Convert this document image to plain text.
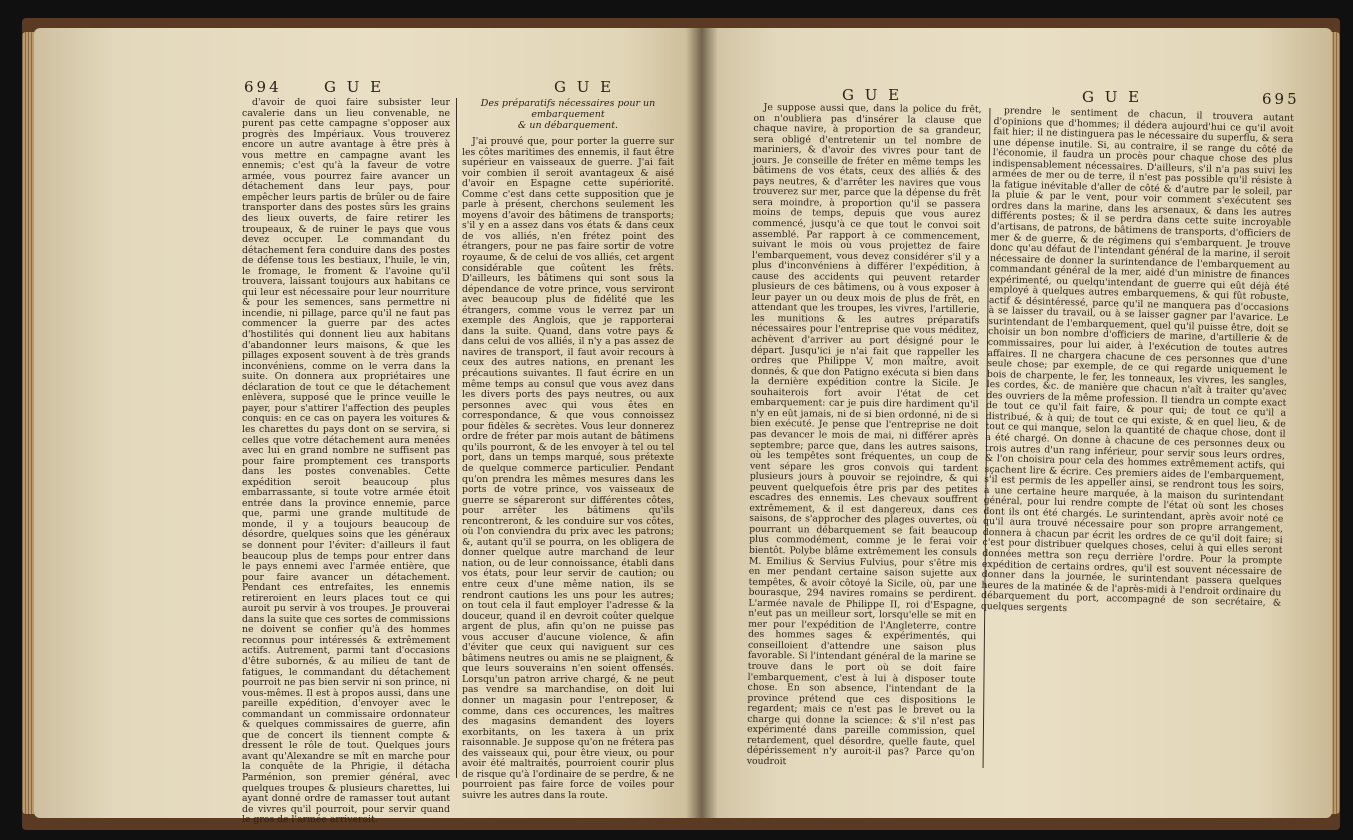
694	G U E	G U E

d'avoir de quoi faire subsister leur cavalerie dans un lieu convenable, ne purent pas cette campagne s'opposer aux progrès des Impériaux. Vous trouverez encore un autre avantage à être près à vous mettre en campagne avant les ennemis; c'est qu'à la faveur de votre armée, vous pourrez faire avancer un détachement dans leur pays, pour empêcher leurs partis de brûler ou de faire transporter dans des postes sûrs les grains des lieux ouverts, de faire retirer les troupeaux, & de ruiner le pays que vous devez occuper. Le commandant du détachement fera conduire dans des postes de défense tous les bestiaux, l'huile, le vin, le fromage, le froment & l'avoine qu'il trouvera, laissant toujours aux habitans ce qui leur est nécessaire pour leur nourriture & pour les semences, sans permettre ni incendie, ni pillage, parce qu'il ne faut pas commencer la guerre par des actes d'hostilités qui donnent lieu aux habitans d'abandonner leurs maisons, & que les pillages exposent souvent à de très grands inconvéniens, comme on le verra dans la suite. On donnera aux propriétaires une déclaration de tout ce que le détachement enlèvera, supposé que le prince veuille le payer, pour s'attirer l'affection des peuples conquis: en ce cas on payera les voitures & les charettes du pays dont on se servira, si celles que votre détachement aura menées avec lui en grand nombre ne suffisent pas pour faire promptement ces transports dans les postes convenables. Cette expédition seroit beaucoup plus embarrassante, si toute votre armée étoit entrée dans la province ennemie, parce que, parmi une grande multitude de monde, il y a toujours beaucoup de désordre, quelques soins que les généraux se donnent pour l'éviter: d'ailleurs il faut beaucoup plus de temps pour entrer dans le pays ennemi avec l'armée entière, que pour faire avancer un détachement. Pendant ces entrefaites, les ennemis retireroient en leurs places tout ce qui auroit pu servir à vos troupes. Je prouverai dans la suite que ces sortes de commissions ne doivent se confier qu'à des hommes reconnus pour intéressés & extrêmement actifs. Autrement, parmi tant d'occasions d'être subornés, & au milieu de tant de fatigues, le commandant du détachement pourroit ne pas bien servir ni son prince, ni vous-mêmes. Il est à propos aussi, dans une pareille expédition, d'envoyer avec le commandant un commissaire ordonnateur & quelques commissaires de guerre, afin que de concert ils tiennent compte & dressent le rôle de tout. Quelques jours avant qu'Alexandre se mît en marche pour la conquête de la Phrigie, il détacha Parménion, son premier général, avec quelques troupes & plusieurs charettes, lui ayant donné ordre de ramasser tout autant de vivres qu'il pourroit, pour servir quand le gros de l'armée arriveroit.

Des préparatifs nécessaires pour un embarquement
& un débarquement.

J'ai prouvé que, pour porter la guerre sur les côtes maritimes des ennemis, il faut être supérieur en vaisseaux de guerre. J'ai fait voir combien il seroit avantageux & aisé d'avoir en Espagne cette supériorité. Comme c'est dans cette supposition que je parle à présent, cherchons seulement les moyens d'avoir des bâtimens de transports; s'il y en a assez dans vos états & dans ceux de vos alliés, n'en frétez point des étrangers, pour ne pas faire sortir de votre royaume, & de celui de vos alliés, cet argent considérable que coûtent les frêts. D'ailleurs, les bâtimens qui sont sous la dépendance de votre prince, vous serviront avec beaucoup plus de fidélité que les étrangers, comme vous le verrez par un exemple des Anglois, que je rapporterai dans la suite. Quand, dans votre pays & dans celui de vos alliés, il n'y a pas assez de navires de transport, il faut avoir recours à ceux des autres nations, en prenant les précautions suivantes. Il faut écrire en un même temps au consul que vous avez dans les divers ports des pays neutres, ou aux personnes avec qui vous êtes en correspondance, & que vous connoissez pour fidèles & secrètes. Vous leur donnerez ordre de fréter par mois autant de bâtimens qu'ils pourront, & de les envoyer à tel ou tel port, dans un temps marqué, sous prétexte de quelque commerce particulier. Pendant qu'on prendra les mêmes mesures dans les ports de votre prince, vos vaisseaux de guerre se sépareront sur différentes côtes, pour arrêter les bâtimens qu'ils rencontreront, & les conduire sur vos côtes, où l'on conviendra du prix avec les patrons; &, autant qu'il se pourra, on les obligera de donner quelque autre marchand de leur nation, ou de leur connoissance, établi dans vos états, pour leur servir de caution; ou entre ceux d'une même nation, ils se rendront cautions les uns pour les autres; on tout cela il faut employer l'adresse & la douceur, quand il en devroit coûter quelque argent de plus, afin qu'on ne puisse pas vous accuser d'aucune violence, & afin d'éviter que ceux qui naviguent sur ces bâtimens neutres ou amis ne se plaignent, & que leurs souverains n'en soient offensés. Lorsqu'un patron arrive chargé, & ne peut pas vendre sa marchandise, on doit lui donner un magasin pour l'entreposer, & comme, dans ces occurences, les maîtres des magasins demandent des loyers exorbitants, on les taxera à un prix raisonnable. Je suppose qu'on ne frétera pas des vaisseaux qui, pour être vieux, ou pour avoir été maltraités, pourroient courir plus de risque qu'à l'ordinaire de se perdre, & ne pourroient pas faire force de voiles pour suivre les autres dans la route.

G U E	G U E	695

Je suppose aussi que, dans la police du frêt, on n'oubliera pas d'insérer la clause que chaque navire, à proportion de sa grandeur, sera obligé d'entretenir un tel nombre de mariniers, & d'avoir des vivres pour tant de jours. Je conseille de fréter en même temps les bâtimens de vos états, ceux des alliés & des pays neutres, & d'arrêter les navires que vous trouverez sur mer, parce que la dépense du frêt sera moindre, à proportion qu'il se passera moins de temps, depuis que vous aurez commencé, jusqu'à ce que tout le convoi soit assemblé. Par rapport à ce commencement, suivant le mois où vous projettez de faire l'embarquement, vous devez considérer s'il y a plus d'inconvéniens à différer l'expédition, à cause des accidents qui peuvent retarder plusieurs de ces bâtimens, ou à vous exposer à leur payer un ou deux mois de plus de frêt, en attendant que les troupes, les vivres, l'artillerie, les munitions & les autres préparatifs nécessaires pour l'entreprise que vous méditez, achèvent d'arriver au port désigné pour le départ. Jusqu'ici je n'ai fait que rappeller les ordres que Philippe V, mon maître, avoit donnés, & que don Patigno exécuta si bien dans la dernière expédition contre la Sicile. Je souhaiterois fort avoir l'état de cet embarquement: car je puis dire hardiment qu'il n'y en eût jamais, ni de si bien ordonné, ni de si bien exécuté. Je pense que l'entreprise ne doit pas devancer le mois de mai, ni différer après septembre; parce que, dans les autres saisons, où les tempêtes sont fréquentes, un coup de vent sépare les gros convois qui tardent plusieurs jours à pouvoir se rejoindre, & qui peuvent quelquefois être pris par des petites escadres des ennemis. Les chevaux souffrent extrêmement, & il est dangereux, dans ces saisons, de s'approcher des plages ouvertes, où pourrant un débarquement se fait beaucoup plus commodément, comme je le ferai voir bientôt. Polybe blâme extrêmement les consuls M. Emilius & Servius Fulvius, pour s'être mis en mer pendant certaine saison sujette aux tempêtes, & avoir côtoyé la Sicile, où, par une bourasque, 294 navires romains se perdirent. L'armée navale de Philippe II, roi d'Espagne, n'eut pas un meilleur sort, lorsqu'elle se mit en mer pour l'expédition de l'Angleterre, contre des hommes sages & expérimentés, qui conseilloient d'attendre une saison plus favorable. Si l'intendant général de la marine se trouve dans le port où se doit faire l'embarquement, c'est à lui à disposer toute chose. En son absence, l'intendant de la province prétend que ces dispositions le regardent; mais ce n'est pas le brevet ou la charge qui donne la science: & s'il n'est pas expérimenté dans pareille commission, quel retardement, quel désordre, quelle faute, quel dépérissement n'y auroit-il pas? Parce qu'on voudroit

prendre le sentiment de chacun, il trouvera autant d'opinions que d'hommes; il dédera aujourd'hui ce qu'il avoit fait hier; il ne distinguera pas le nécessaire du superflu, & sera une dépense inutile. Si, au contraire, il se range du côté de l'économie, il faudra un procès pour chaque chose des plus indispensablement nécessaires. D'ailleurs, s'il n'a pas suivi les armées de mer ou de terre, il n'est pas possible qu'il résiste à la fatigue inévitable d'aller de côté & d'autre par le soleil, par la pluie & par le vent, pour voir comment s'exécutent ses ordres dans la marine, dans les arsenaux, & dans les autres différents postes; & il se perdra dans cette suite incroyable d'artisans, de patrons, de bâtimens de transports, d'officiers de mer & de guerre, & de régimens qui s'embarquent. Je trouve donc qu'au défaut de l'intendant général de la marine, il seroit nécessaire de donner la surintendance de l'embarquement au commandant général de la mer, aidé d'un ministre de finances expérimenté, ou quelqu'intendant de guerre qui eût déjà été employé à quelques autres embarquemens, & qui fût robuste, actif & désintéressé, parce qu'il ne manquera pas d'occasions à se laisser du travail, ou à se laisser gagner par l'avarice. Le surintendant de l'embarquement, quel qu'il puisse être, doit se choisir un bon nombre d'officiers de marine, d'artillerie & de commissaires, pour lui aider, à l'exécution de toutes autres affaires. Il ne chargera chacune de ces personnes que d'une seule chose; par exemple, de ce qui regarde uniquement le bois de charpente, le fer, les tonneaux, les vivres, les sangles, les cordes, &c. de manière que chacun n'aît à traiter qu'avec des ouvriers de la même profession. Il tiendra un compte exact de tout ce qu'il fait faire, & pour qui; de tout ce qu'il a distribué, & à qui; de tout ce qui existe, & en quel lieu, & de tout ce qui manque, selon la quantité de chaque chose, dont il a été chargé. On donne à chacune de ces personnes deux ou trois autres d'un rang inférieur, pour servir sous leurs ordres, & l'on choisira pour cela des hommes extrêmement actifs, qui sçachent lire & écrire. Ces premiers aides de l'embarquement, s'il est permis de les appeller ainsi, se rendront tous les soirs, à une certaine heure marquée, à la maison du surintendant général, pour lui rendre compte de l'état où sont les choses dont ils ont été chargés. Le surintendant, après avoir noté ce qu'il aura trouvé nécessaire pour son propre arrangement, donnera à chacun par écrit les ordres de ce qu'il doit faire; si c'est pour distribuer quelques choses, celui à qui elles seront données mettra son reçu derrière l'ordre. Pour la prompte expédition de certains ordres, qu'il est souvent nécessaire de donner dans la journée, le surintendant passera quelques heures de la matinée & de l'après-midi à l'endroit ordinaire du débarquement du port, accompagné de son secrétaire, & quelques sergents
